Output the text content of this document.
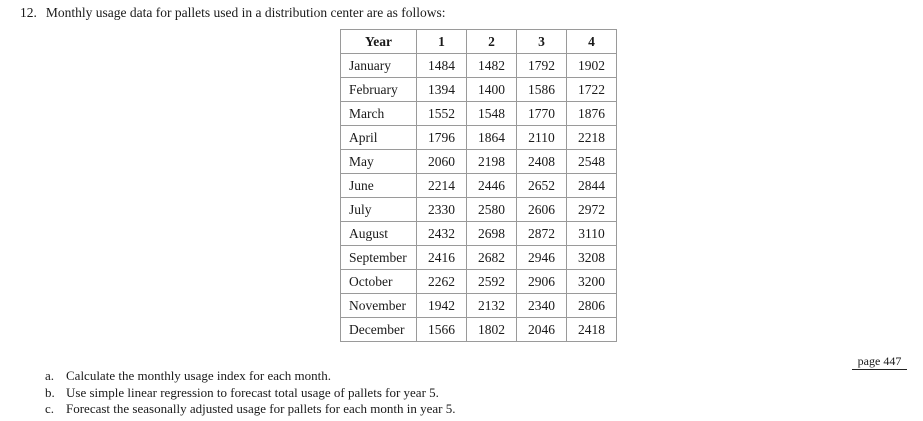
12. Monthly usage data for pallets used in a distribution center are as follows:
Year	1	2	3	4
January	1484	1482	1792	1902
February	1394	1400	1586	1722
March	1552	1548	1770	1876
April	1796	1864	2110	2218
May	2060	2198	2408	2548
June	2214	2446	2652	2844
July	2330	2580	2606	2972
August	2432	2698	2872	3110
September	2416	2682	2946	3208
October	2262	2592	2906	3200
November	1942	2132	2340	2806
December	1566	1802	2046	2418
page 447
a. Calculate the monthly usage index for each month.
b. Use simple linear regression to forecast total usage of pallets for year 5.
c. Forecast the seasonally adjusted usage for pallets for each month in year 5.
